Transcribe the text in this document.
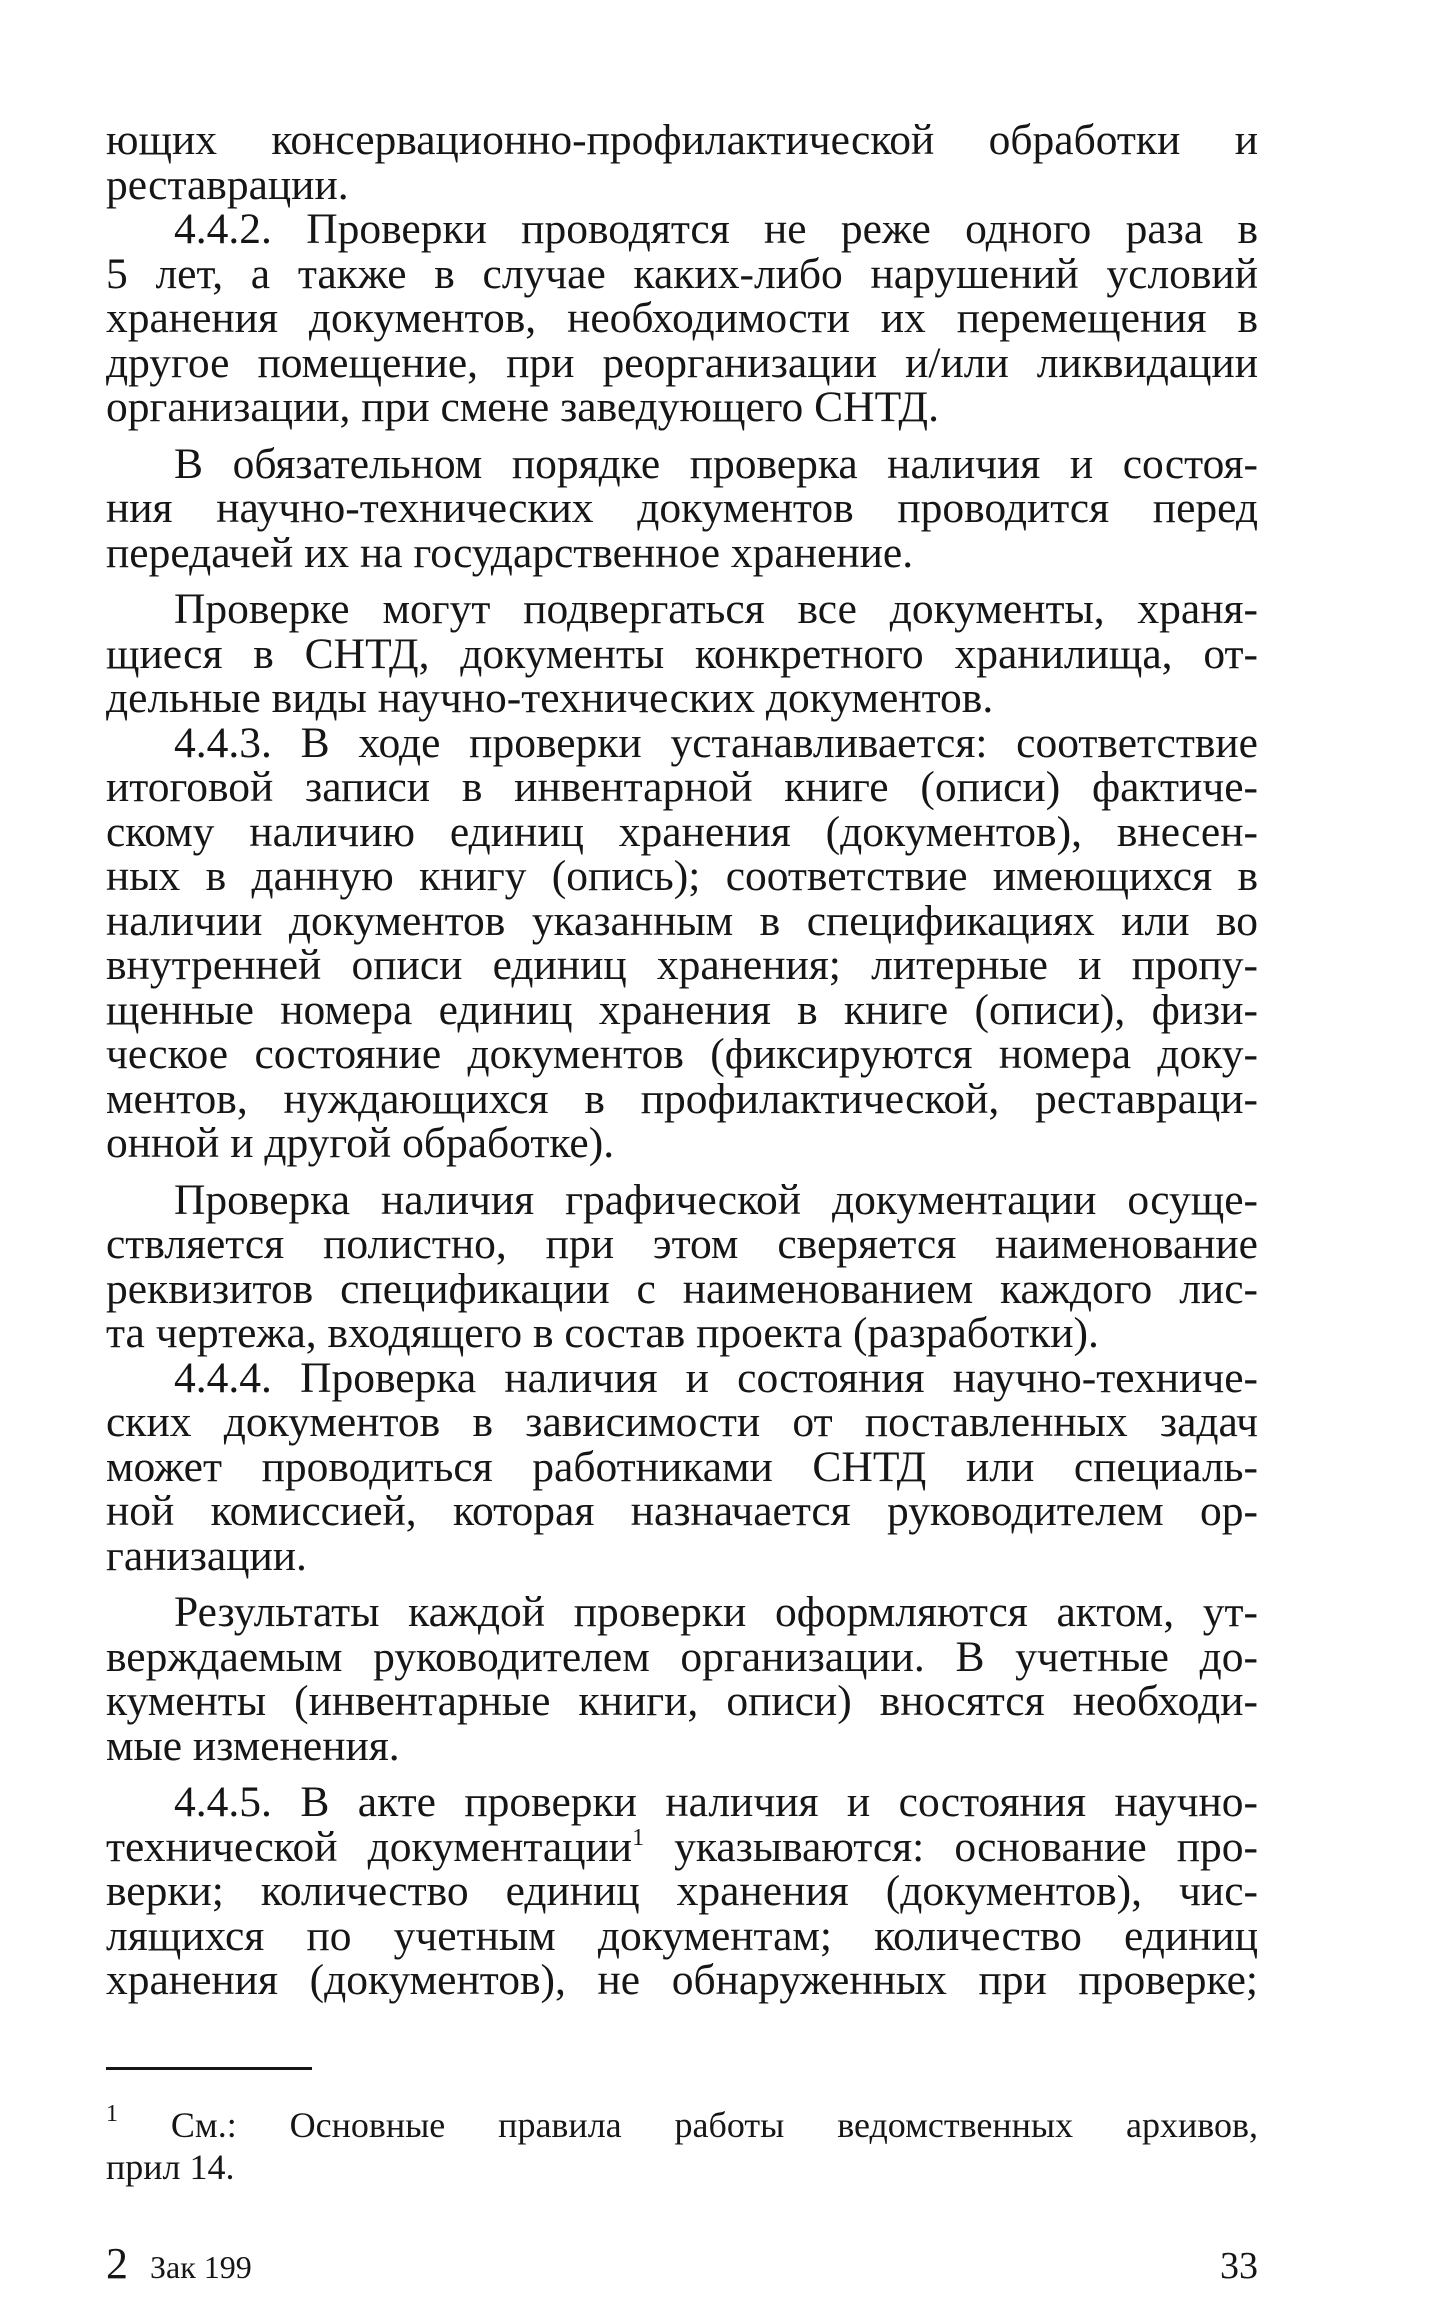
ющих консервационно-профилактической обработки и
реставрации.

4.4.2. Проверки проводятся не реже одного раза в
5 лет, а также в случае каких-либо нарушений условий
хранения документов, необходимости их перемещения в
другое помещение, при реорганизации и/или ликвидации
организации, при смене заведующего СНТД.

В обязательном порядке проверка наличия и состоя-
ния научно-технических документов проводится перед
передачей их на государственное хранение.

Проверке могут подвергаться все документы, храня-
щиеся в СНТД, документы конкретного хранилища, от-
дельные виды научно-технических документов.

4.4.3. В ходе проверки устанавливается: соответствие
итоговой записи в инвентарной книге (описи) фактиче-
скому наличию единиц хранения (документов), внесен-
ных в данную книгу (опись); соответствие имеющихся в
наличии документов указанным в спецификациях или во
внутренней описи единиц хранения; литерные и пропу-
щенные номера единиц хранения в книге (описи), физи-
ческое состояние документов (фиксируются номера доку-
ментов, нуждающихся в профилактической, реставраци-
онной и другой обработке).

Проверка наличия графической документации осуще-
ствляется полистно, при этом сверяется наименование
реквизитов спецификации с наименованием каждого лис-
та чертежа, входящего в состав проекта (разработки).

4.4.4. Проверка наличия и состояния научно-техниче-
ских документов в зависимости от поставленных задач
может проводиться работниками СНТД или специаль-
ной комиссией, которая назначается руководителем ор-
ганизации.

Результаты каждой проверки оформляются актом, ут-
верждаемым руководителем организации. В учетные до-
кументы (инвентарные книги, описи) вносятся необходи-
мые изменения.

4.4.5. В акте проверки наличия и состояния научно-
технической документации$^1$ указываются: основание про-
верки; количество единиц хранения (документов), чис-
лящихся по учетным документам; количество единиц
хранения (документов), не обнаруженных при проверке;

$^1$ См.: Основные правила работы ведомственных архивов,
прил 14.
2 Зак 199	33
